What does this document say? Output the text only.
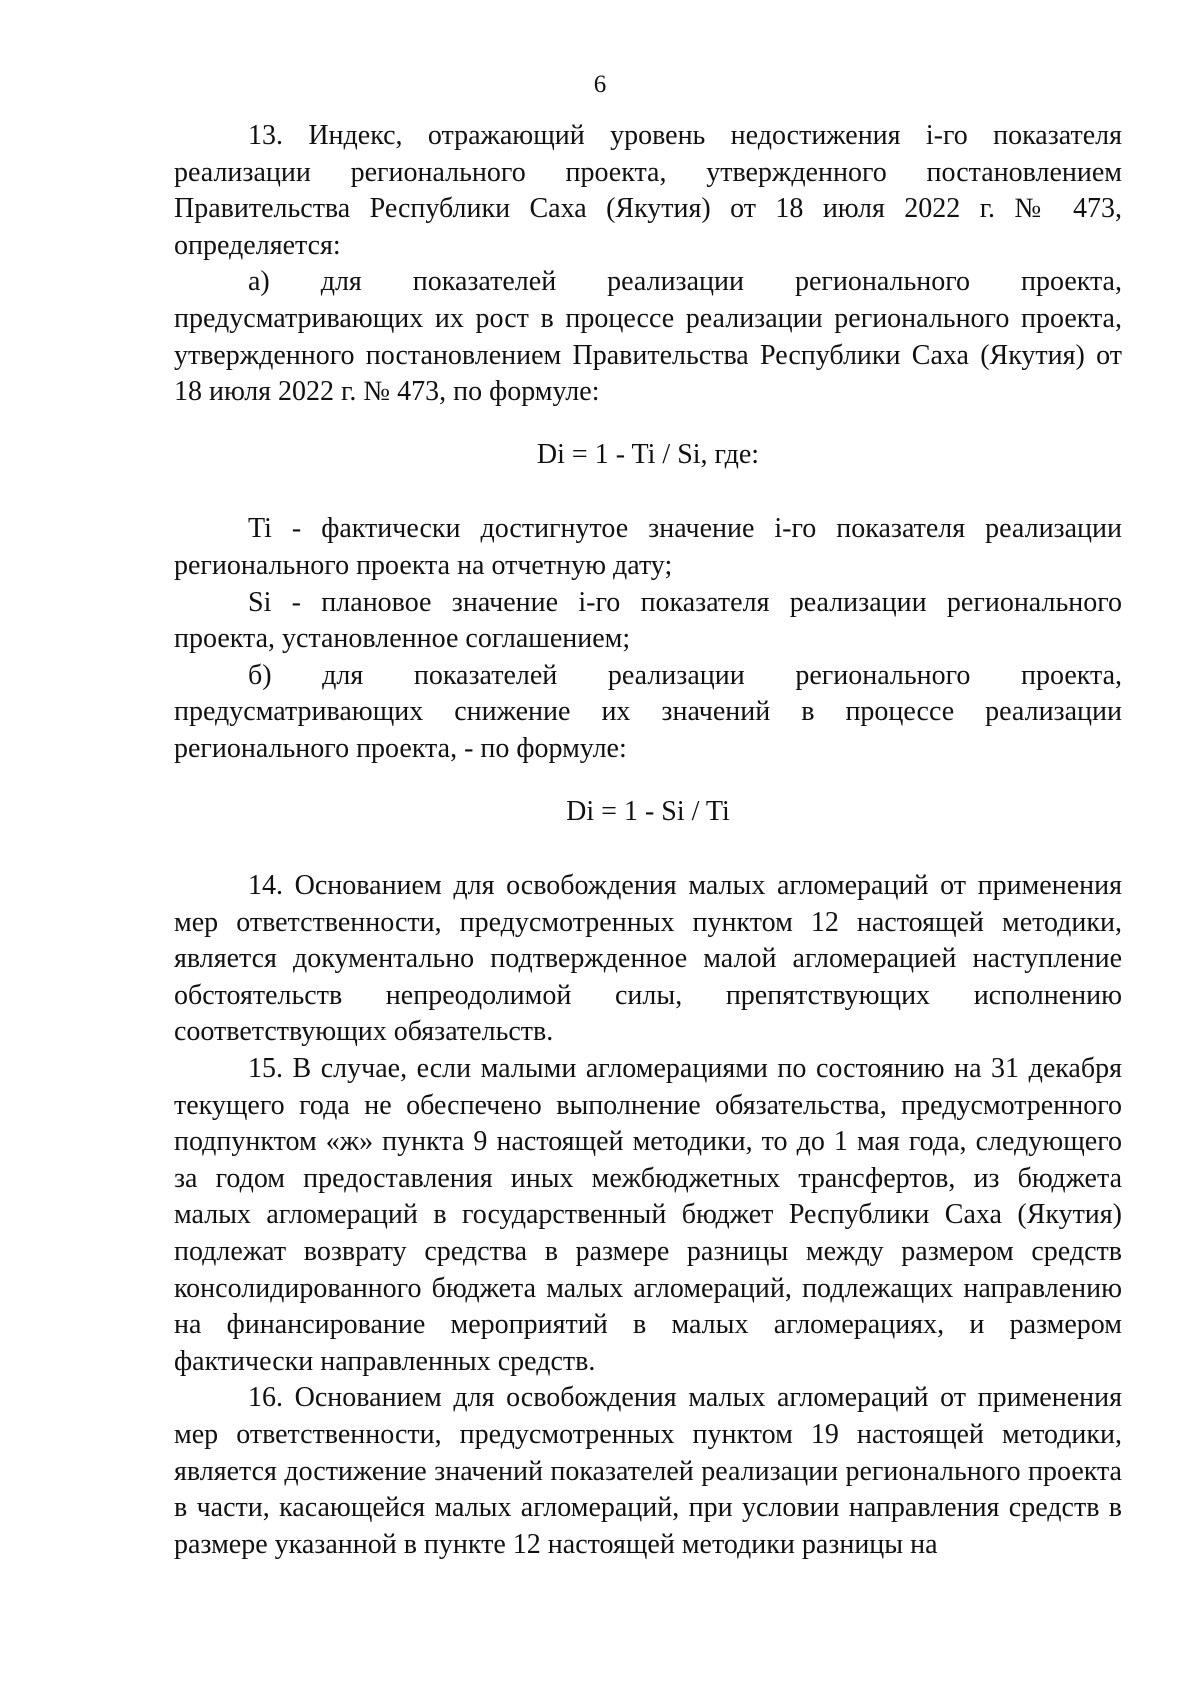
6

13. Индекс, отражающий уровень недостижения i-го показателя реализации регионального проекта, утвержденного постановлением Правительства Республики Саха (Якутия) от 18 июля 2022 г. № 473, определяется:

а) для показателей реализации регионального проекта, предусматривающих их рост в процессе реализации регионального проекта, утвержденного постановлением Правительства Республики Саха (Якутия) от 18 июля 2022 г. № 473, по формуле:

Di = 1 - Ti / Si, где:

Ti - фактически достигнутое значение i-го показателя реализации регионального проекта на отчетную дату;

Si - плановое значение i-го показателя реализации регионального проекта, установленное соглашением;

б) для показателей реализации регионального проекта, предусматривающих снижение их значений в процессе реализации регионального проекта, - по формуле:

Di = 1 - Si / Ti

14. Основанием для освобождения малых агломераций от применения мер ответственности, предусмотренных пунктом 12 настоящей методики, является документально подтвержденное малой агломерацией наступление обстоятельств непреодолимой силы, препятствующих исполнению соответствующих обязательств.

15. В случае, если малыми агломерациями по состоянию на 31 декабря текущего года не обеспечено выполнение обязательства, предусмотренного подпунктом «ж» пункта 9 настоящей методики, то до 1 мая года, следующего за годом предоставления иных межбюджетных трансфертов, из бюджета малых агломераций в государственный бюджет Республики Саха (Якутия) подлежат возврату средства в размере разницы между размером средств консолидированного бюджета малых агломераций, подлежащих направлению на финансирование мероприятий в малых агломерациях, и размером фактически направленных средств.

16. Основанием для освобождения малых агломераций от применения мер ответственности, предусмотренных пунктом 19 настоящей методики, является достижение значений показателей реализации регионального проекта в части, касающейся малых агломераций, при условии направления средств в размере указанной в пункте 12 настоящей методики разницы на
